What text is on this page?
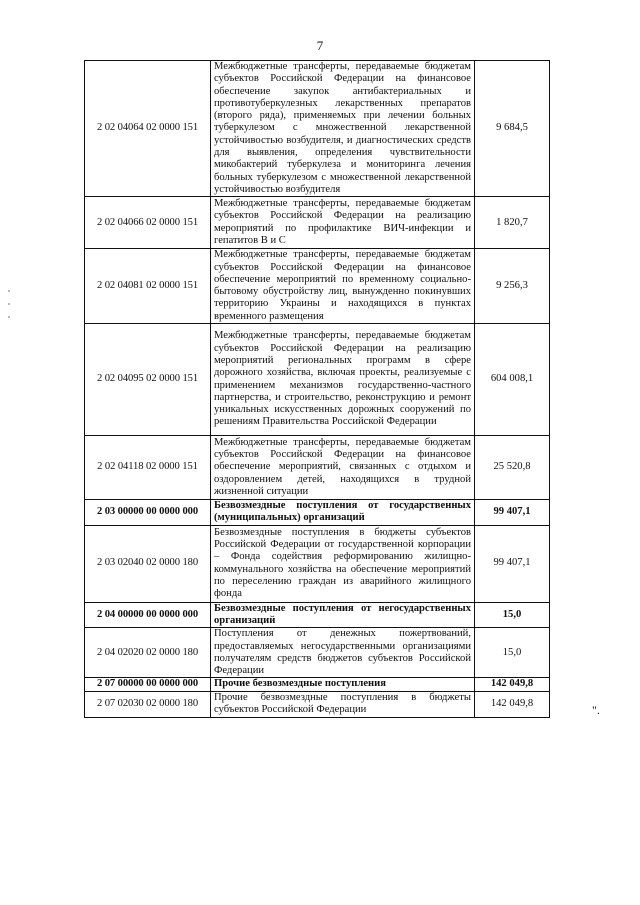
7
2 02 04064 02 0000 151	Межбюджетные трансферты, передаваемые бюджетам субъектов Российской Федерации на финансовое обеспечение закупок антибактериальных и противотуберкулезных лекарственных препаратов (второго ряда), применяемых при лечении больных туберкулезом с множественной лекарственной устойчивостью возбудителя, и диагностических средств для выявления, определения чувствительности микобактерий туберкулеза и мониторинга лечения больных туберкулезом с множественной лекарственной устойчивостью возбудителя	9 684,5
2 02 04066 02 0000 151	Межбюджетные трансферты, передаваемые бюджетам субъектов Российской Федерации на реализацию мероприятий по профилактике ВИЧ-инфекции и гепатитов B и C	1 820,7
2 02 04081 02 0000 151	Межбюджетные трансферты, передаваемые бюджетам субъектов Российской Федерации на финансовое обеспечение мероприятий по временному социально-бытовому обустройству лиц, вынужденно покинувших территорию Украины и находящихся в пунктах временного размещения	9 256,3
2 02 04095 02 0000 151	Межбюджетные трансферты, передаваемые бюджетам субъектов Российской Федерации на реализацию мероприятий региональных программ в сфере дорожного хозяйства, включая проекты, реализуемые с применением механизмов государственно-частного партнерства, и строительство, реконструкцию и ремонт уникальных искусственных дорожных сооружений по решениям Правительства Российской Федерации	604 008,1
2 02 04118 02 0000 151	Межбюджетные трансферты, передаваемые бюджетам субъектов Российской Федерации на финансовое обеспечение мероприятий, связанных с отдыхом и оздоровлением детей, находящихся в трудной жизненной ситуации	25 520,8
2 03 00000 00 0000 000	Безвозмездные поступления от государственных (муниципальных) организаций	99 407,1
2 03 02040 02 0000 180	Безвозмездные поступления в бюджеты субъектов Российской Федерации от государственной корпорации – Фонда содействия реформированию жилищно-коммунального хозяйства на обеспечение мероприятий по переселению граждан из аварийного жилищного фонда	99 407,1
2 04 00000 00 0000 000	Безвозмездные поступления от негосударственных организаций	15,0
2 04 02020 02 0000 180	Поступления от денежных пожертвований, предоставляемых негосударственными организациями получателям средств бюджетов субъектов Российской Федерации	15,0
2 07 00000 00 0000 000	Прочие безвозмездные поступления	142 049,8
2 07 02030 02 0000 180	Прочие безвозмездные поступления в бюджеты субъектов Российской Федерации	142 049,8	".
